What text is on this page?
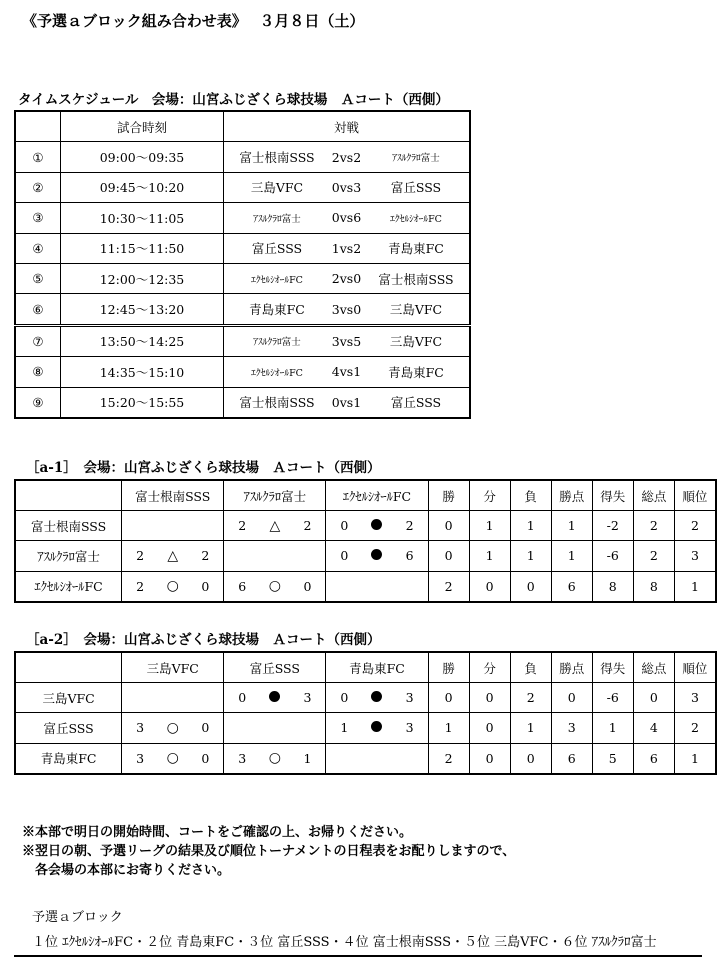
《予選ａブロック組み合わせ表》　 ３月８日（土）
タイムスケジュール　会場：山宮ふじざくら球技場　Ａコート（西側）
	試合時刻	対戦
①	09:00～09:35	富士根南SSS 2vs2 ｱｽﾙｸﾗﾛ富士

②	09:45～10:20	三島VFC 0vs3 富丘SSS

③	10:30～11:05	ｱｽﾙｸﾗﾛ富士 0vs6 ｴｸｾﾙｼｵｰﾙFC

④	11:15～11:50	富丘SSS 1vs2 青島東FC

⑤	12:00～12:35	ｴｸｾﾙｼｵｰﾙFC 2vs0 富士根南SSS

⑥	12:45～13:20	青島東FC 3vs0 三島VFC

⑦	13:50～14:25	ｱｽﾙｸﾗﾛ富士 3vs5 三島VFC

⑧	14:35～15:10	ｴｸｾﾙｼｵｰﾙFC 4vs1 青島東FC

⑨	15:20～15:55	富士根南SSS 0vs1 富丘SSS
［a-1］　会場：山宮ふじざくら球技場　Ａコート（西側）
	富士根南SSS	ｱｽﾙｸﾗﾛ富士	ｴｸｾﾙｼｵｰﾙFC	勝	分	負	勝点	得失	総点	順位
富士根南SSS		2 △ 2	0 2	0	1	1	1	-2	2	2
ｱｽﾙｸﾗﾛ富士	2 △ 2		0 6	0	1	1	1	-6	2	3
ｴｸｾﾙｼｵｰﾙFC	2 ○ 0	6 ○ 0		2	0	0	6	8	8	1
［a-2］　会場：山宮ふじざくら球技場　Ａコート（西側）
	三島VFC	富丘SSS	青島東FC	勝	分	負	勝点	得失	総点	順位
三島VFC		0 3	0 3	0	0	2	0	-6	0	3
富丘SSS	3 ○ 0		1 3	1	0	1	3	1	4	2
青島東FC	3 ○ 0	3 ○ 1		2	0	0	6	5	6	1
※本部で明日の開始時間、コートをご確認の上、お帰りください。
※翌日の朝、予選リーグの結果及び順位トーナメントの日程表をお配りしますので、
　各会場の本部にお寄りください。
予選ａブロック
１位 ｴｸｾﾙｼｵｰﾙFC・２位 青島東FC・３位 富丘SSS・４位 富士根南SSS・５位 三島VFC・６位 ｱｽﾙｸﾗﾛ富士
